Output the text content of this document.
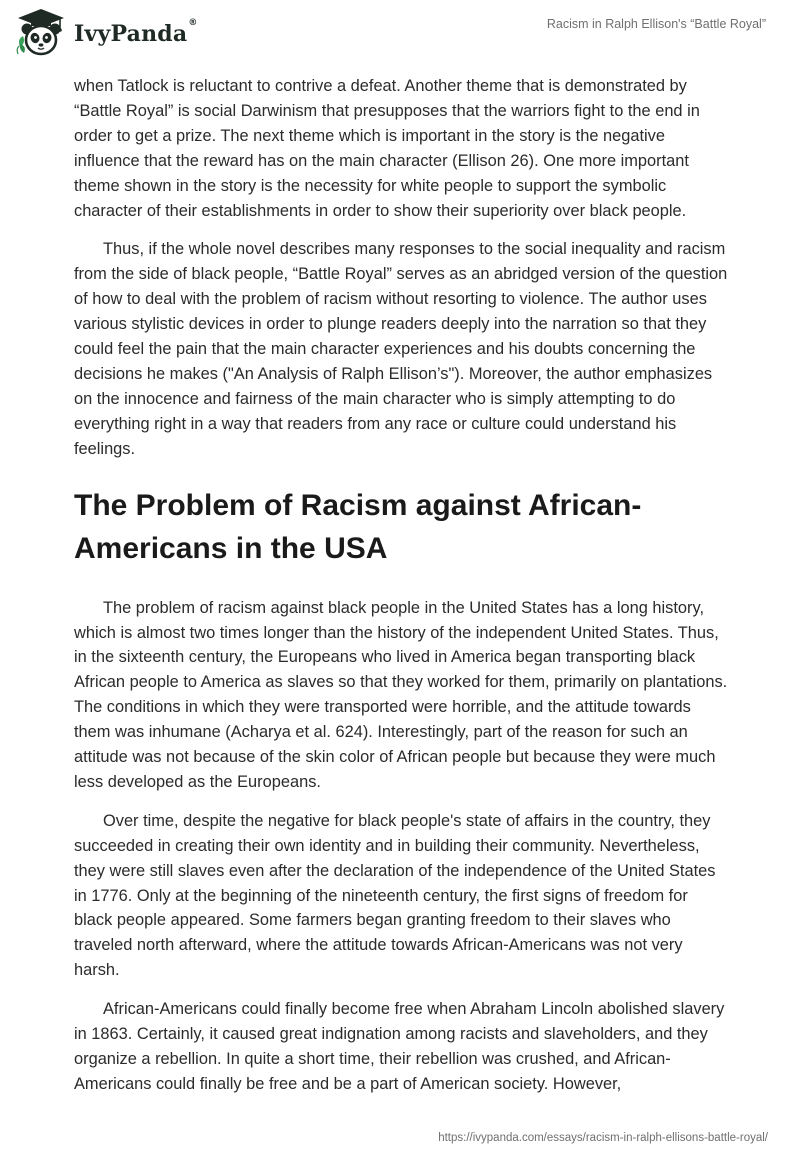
IvyPanda®	Racism in Ralph Ellison's “Battle Royal”

when Tatlock is reluctant to contrive a defeat. Another theme that is demonstrated by “Battle Royal” is social Darwinism that presupposes that the warriors fight to the end in order to get a prize. The next theme which is important in the story is the negative influence that the reward has on the main character (Ellison 26). One more important theme shown in the story is the necessity for white people to support the symbolic character of their establishments in order to show their superiority over black people.

Thus, if the whole novel describes many responses to the social inequality and racism from the side of black people, “Battle Royal” serves as an abridged version of the question of how to deal with the problem of racism without resorting to violence. The author uses various stylistic devices in order to plunge readers deeply into the narration so that they could feel the pain that the main character experiences and his doubts concerning the decisions he makes ("An Analysis of Ralph Ellison’s"). Moreover, the author emphasizes on the innocence and fairness of the main character who is simply attempting to do everything right in a way that readers from any race or culture could understand his feelings.

The Problem of Racism against African-Americans in the USA

The problem of racism against black people in the United States has a long history, which is almost two times longer than the history of the independent United States. Thus, in the sixteenth century, the Europeans who lived in America began transporting black African people to America as slaves so that they worked for them, primarily on plantations. The conditions in which they were transported were horrible, and the attitude towards them was inhumane (Acharya et al. 624). Interestingly, part of the reason for such an attitude was not because of the skin color of African people but because they were much less developed as the Europeans.

Over time, despite the negative for black people's state of affairs in the country, they succeeded in creating their own identity and in building their community. Nevertheless, they were still slaves even after the declaration of the independence of the United States in 1776. Only at the beginning of the nineteenth century, the first signs of freedom for black people appeared. Some farmers began granting freedom to their slaves who traveled north afterward, where the attitude towards African-Americans was not very harsh.

African-Americans could finally become free when Abraham Lincoln abolished slavery in 1863. Certainly, it caused great indignation among racists and slaveholders, and they organize a rebellion. In quite a short time, their rebellion was crushed, and African-Americans could finally be free and be a part of American society. However,

https://ivypanda.com/essays/racism-in-ralph-ellisons-battle-royal/
